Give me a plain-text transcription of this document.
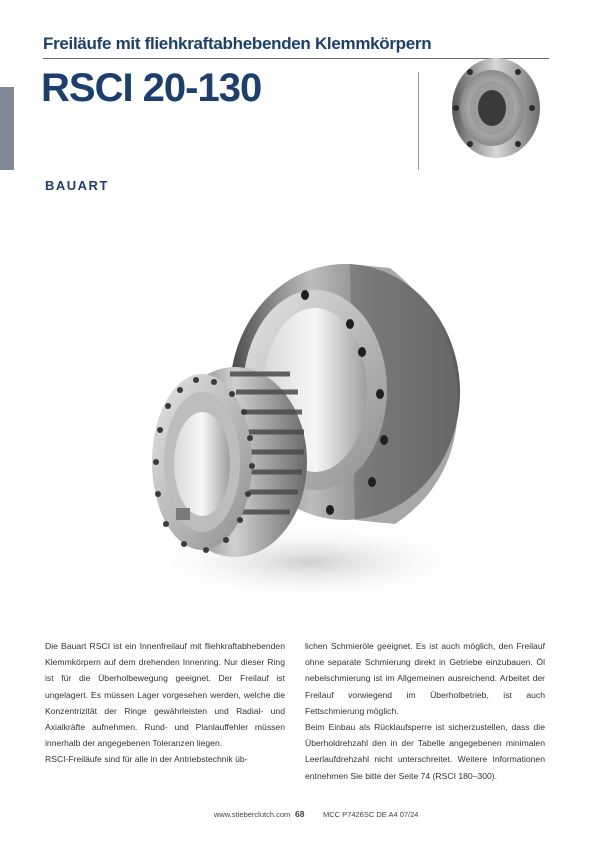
Freiläufe mit fliehkraftabhebenden Klemmkörpern
RSCI 20-130
BAUART

Die Bauart RSCI ist ein Innenfreilauf mit fliehkraftabhebenden Klemmkörpern auf dem drehenden Innenring. Nur dieser Ring ist für die Überholbewegung geeignet. Der Freilauf ist ungelagert. Es müssen Lager vorgesehen werden, welche die Konzentrizität der Ringe gewährleisten und Radial- und Axialkräfte aufnehmen. Rund- und Planlauffehler müssen innerhalb der angegebenen Toleranzen liegen.

RSCI-Freiläufe sind für alle in der Antriebstechnik üb-

lichen Schmieröle geeignet. Es ist auch möglich, den Freilauf ohne separate Schmierung direkt in Getriebe einzubauen. Öl nebelschmierung ist im Allgemeinen ausreichend. Arbeitet der Freilauf vorwiegend im Überholbetrieb, ist auch Fettschmierung möglich.

Beim Einbau als Rücklaufsperre ist sicherzustellen, dass die Überholdrehzahl den in der Tabelle angegebenen minimalen Leerlaufdrehzahl nicht unterschreitet. Weitere Informationen entnehmen Sie bitte der Seite 74 (RSCI 180–300).

www.stieberclutch.com 68 MCC P7426SC DE A4 07/24
